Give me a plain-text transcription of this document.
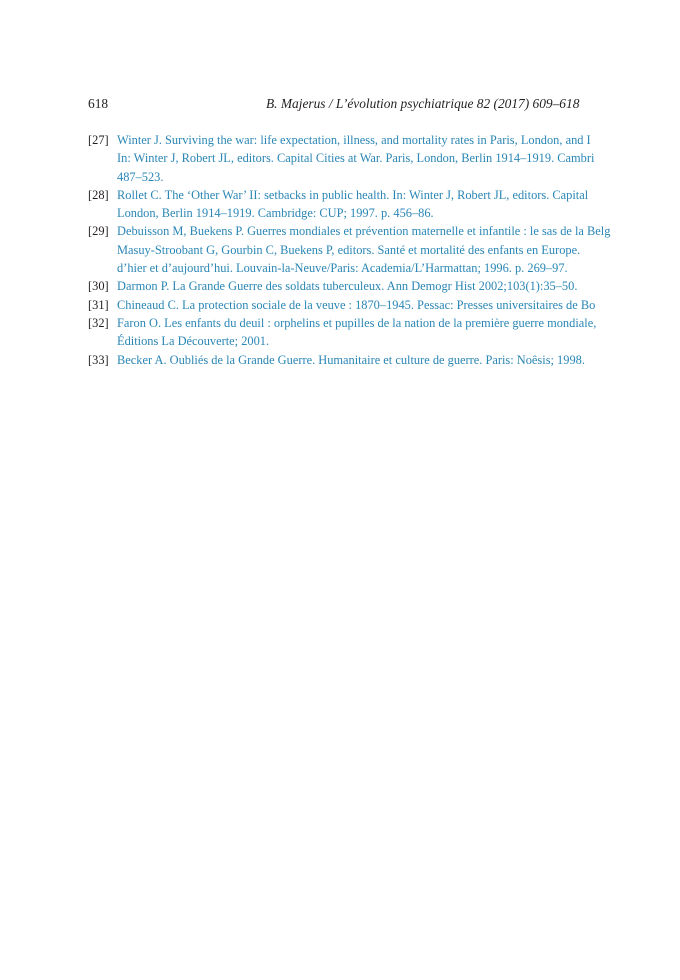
618	B. Majerus / L’évolution psychiatrique 82 (2017) 609–618
[27] Winter J. Surviving the war: life expectation, illness, and mortality rates in Paris, London, and I
In: Winter J, Robert JL, editors. Capital Cities at War. Paris, London, Berlin 1914–1919. Cambri
487–523.
[28] Rollet C. The ‘Other War’ II: setbacks in public health. In: Winter J, Robert JL, editors. Capital
London, Berlin 1914–1919. Cambridge: CUP; 1997. p. 456–86.
[29] Debuisson M, Buekens P. Guerres mondiales et prévention maternelle et infantile : le sas de la Belg
Masuy-Stroobant G, Gourbin C, Buekens P, editors. Santé et mortalité des enfants en Europe.
d’hier et d’aujourd’hui. Louvain-la-Neuve/Paris: Academia/L’Harmattan; 1996. p. 269–97.
[30] Darmon P. La Grande Guerre des soldats tuberculeux. Ann Demogr Hist 2002;103(1):35–50.
[31] Chineaud C. La protection sociale de la veuve : 1870–1945. Pessac: Presses universitaires de Bo
[32] Faron O. Les enfants du deuil : orphelins et pupilles de la nation de la première guerre mondiale,
Éditions La Découverte; 2001.
[33] Becker A. Oubliés de la Grande Guerre. Humanitaire et culture de guerre. Paris: Noêsis; 1998.
